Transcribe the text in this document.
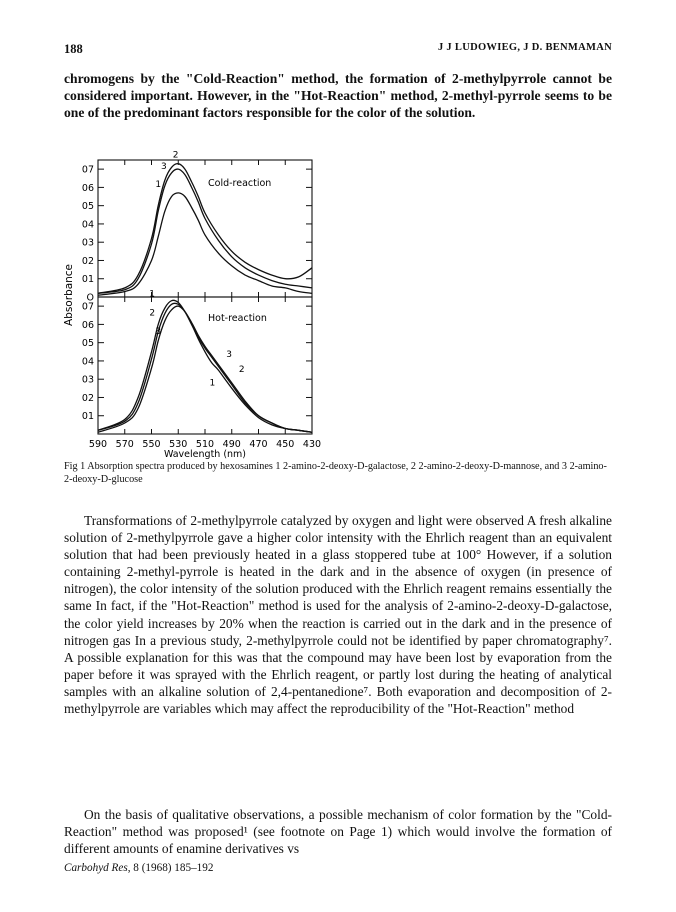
188	J J LUDOWIEG, J D. BENMAMAN

chromogens by the "Cold-Reaction" method, the formation of 2-methylpyrrole cannot be considered important. However, in the "Hot-Reaction" method, 2-methyl-pyrrole seems to be one of the predominant factors responsible for the color of the solution.

590 570 550 530 510 490 470 450 430
07
06
05
04
03
02
01
O
1
2
3
07
06
05
04
03
02
01
1
2
3
3
2
1
Absorbance
Wavelength (nm)
Cold-reaction
Hot-reaction

Fig 1 Absorption spectra produced by hexosamines 1 2-amino-2-deoxy-D-galactose, 2 2-amino-2-deoxy-D-mannose, and 3 2-amino-2-deoxy-D-glucose

Transformations of 2-methylpyrrole catalyzed by oxygen and light were observed A fresh alkaline solution of 2-methylpyrrole gave a higher color intensity with the Ehrlich reagent than an equivalent solution that had been previously heated in a glass stoppered tube at 100° However, if a solution containing 2-methyl-pyrrole is heated in the dark and in the absence of oxygen (in presence of nitrogen), the color intensity of the solution produced with the Ehrlich reagent remains essentially the same In fact, if the "Hot-Reaction" method is used for the analysis of 2-amino-2-deoxy-D-galactose, the color yield increases by 20% when the reaction is carried out in the dark and in the presence of nitrogen gas In a previous study, 2-methylpyrrole could not be identified by paper chromatography⁷. A possible explanation for this was that the compound may have been lost by evaporation from the paper before it was sprayed with the Ehrlich reagent, or partly lost during the heating of analytical samples with an alkaline solution of 2,4-pentanedione⁷. Both evaporation and decomposition of 2-methylpyrrole are variables which may affect the reproducibility of the "Hot-Reaction" method

On the basis of qualitative observations, a possible mechanism of color formation by the "Cold-Reaction" method was proposed¹ (see footnote on Page 1) which would involve the formation of different amounts of enamine derivatives vs

Carbohyd Res, 8 (1968) 185–192
